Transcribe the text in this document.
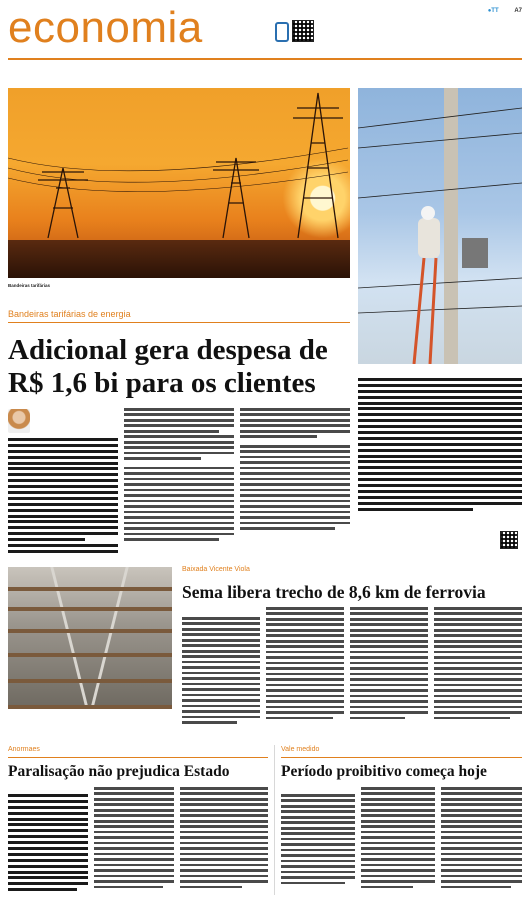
economia	●TT	A7
Bandeiras tarifárias
Bandeiras tarifárias de energia
Adicional gera despesa de R$ 1,6 bi para os clientes
Baixada Vicente Viola
Sema libera trecho de 8,6 km de ferrovia
Anormaes
Paralisação não prejudica Estado
Vale medido
Período proibitivo começa hoje
